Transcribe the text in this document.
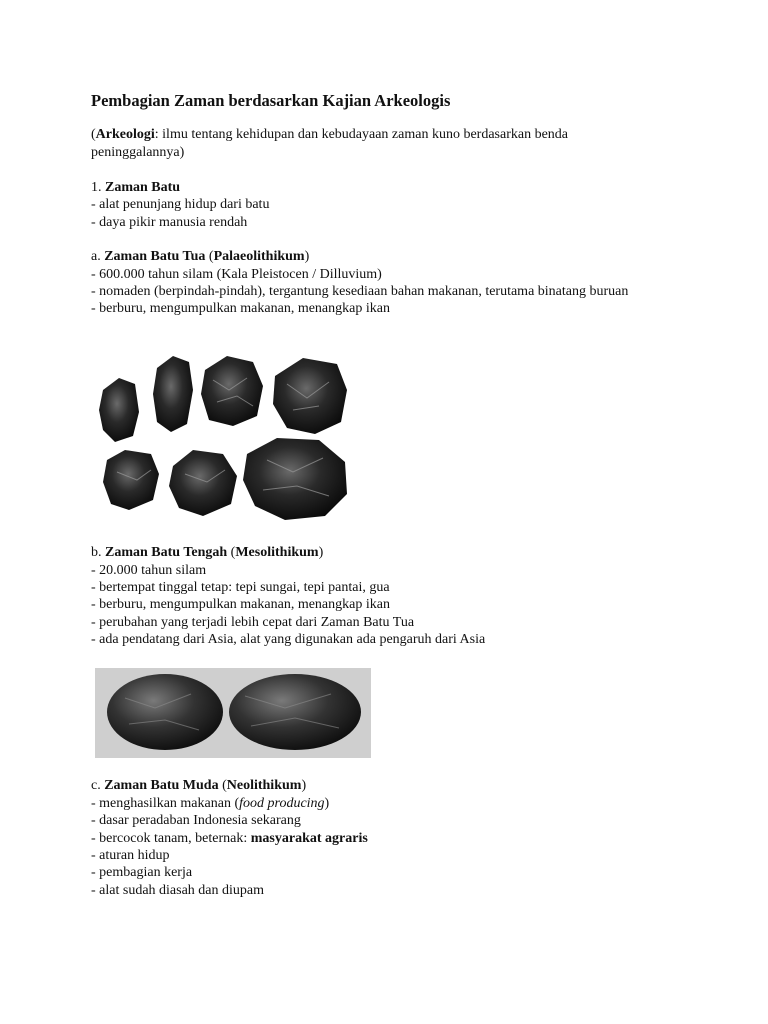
Pembagian Zaman berdasarkan Kajian Arkeologis
(Arkeologi: ilmu tentang kehidupan dan kebudayaan zaman kuno berdasarkan benda
peninggalannya)
1. Zaman Batu
- alat penunjang hidup dari batu
- daya pikir manusia rendah
a. Zaman Batu Tua (Palaeolithikum)
- 600.000 tahun silam (Kala Pleistocen / Dilluvium)
- nomaden (berpindah-pindah), tergantung kesediaan bahan makanan, terutama binatang buruan
- berburu, mengumpulkan makanan, menangkap ikan
b. Zaman Batu Tengah (Mesolithikum)
- 20.000 tahun silam
- bertempat tinggal tetap: tepi sungai, tepi pantai, gua
- berburu, mengumpulkan makanan, menangkap ikan
- perubahan yang terjadi lebih cepat dari Zaman Batu Tua
- ada pendatang dari Asia, alat yang digunakan ada pengaruh dari Asia
c. Zaman Batu Muda (Neolithikum)
- menghasilkan makanan (food producing)
- dasar peradaban Indonesia sekarang
- bercocok tanam, beternak: masyarakat agraris
- aturan hidup
- pembagian kerja
- alat sudah diasah dan diupam
